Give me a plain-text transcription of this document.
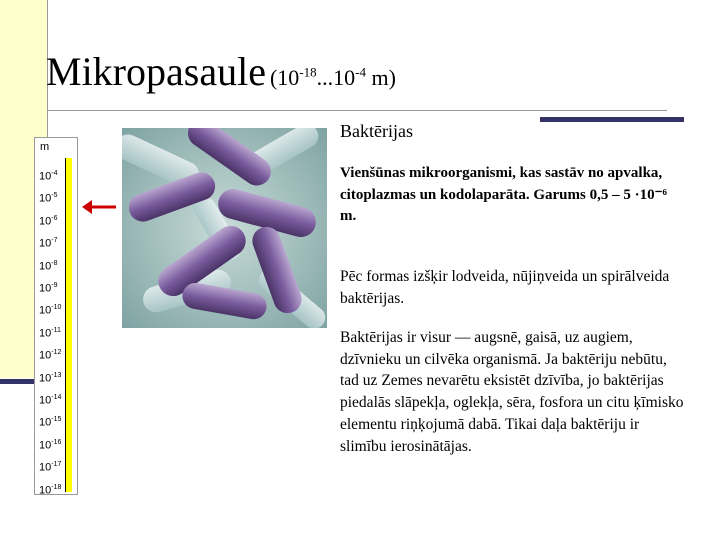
Mikropasaule ($10^{-18}...10^{-4}$ m)
m
$10^{-4}$
$10^{-5}$
$10^{-6}$
$10^{-7}$
$10^{-8}$
$10^{-9}$
$10^{-10}$
$10^{-11}$
$10^{-12}$
$10^{-13}$
$10^{-14}$
$10^{-15}$
$10^{-16}$
$10^{-17}$
$10^{-18}$
Baktērijas
Vienšūnas mikroorganismi, kas sastāv no apvalka, citoplazmas un kodolaparāta. Garums 0,5 – 5 ·10⁻⁶ m.
Pēc formas izšķir lodveida, nūjiņveida un spirālveida baktērijas.
Baktērijas ir visur — augsnē, gaisā, uz augiem, dzīvnieku un cilvēka organismā. Ja baktēriju nebūtu, tad uz Zemes nevarētu eksistēt dzīvība, jo baktērijas piedalās slāpekļa, oglekļa, sēra, fosfora un citu ķīmisko elementu riņķojumā dabā. Tikai daļa baktēriju ir slimību ierosinātājas.
